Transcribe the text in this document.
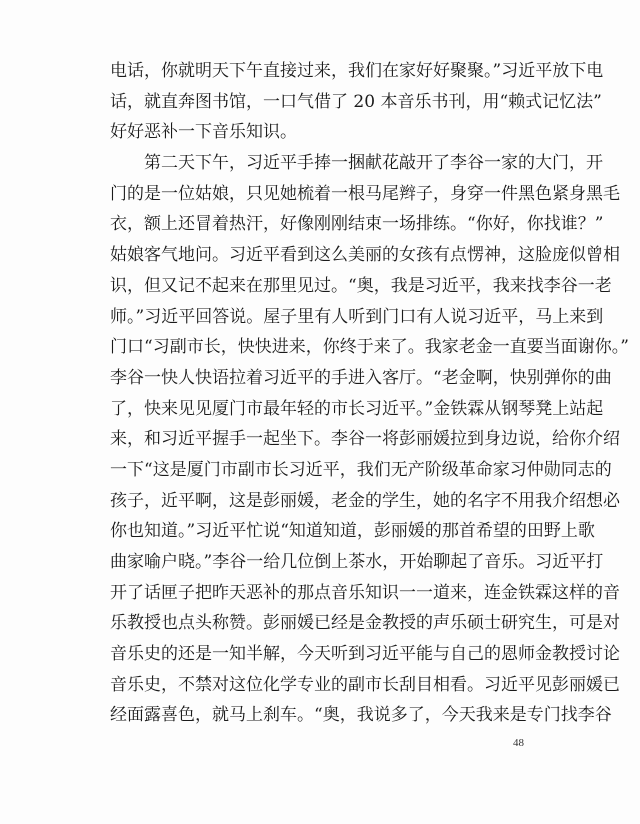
电话，你就明天下午直接过来，我们在家好好聚聚。”习近平放下电
话，就直奔图书馆，一口气借了 20 本音乐书刊，用“赖式记忆法”
好好恶补一下音乐知识。
第二天下午，习近平手捧一捆献花敲开了李谷一家的大门，开
门的是一位姑娘，只见她梳着一根马尾辫子，身穿一件黑色紧身黑毛
衣，额上还冒着热汗，好像刚刚结束一场排练。“你好，你找谁？”
姑娘客气地问。习近平看到这么美丽的女孩有点愣神，这脸庞似曾相
识，但又记不起来在那里见过。“奥，我是习近平，我来找李谷一老
师。”习近平回答说。屋子里有人听到门口有人说习近平，马上来到
门口“习副市长，快快进来，你终于来了。我家老金一直要当面谢你。”
李谷一快人快语拉着习近平的手进入客厅。“老金啊，快别弹你的曲
了，快来见见厦门市最年轻的市长习近平。”金铁霖从钢琴凳上站起
来，和习近平握手一起坐下。李谷一将彭丽媛拉到身边说，给你介绍
一下“这是厦门市副市长习近平，我们无产阶级革命家习仲勋同志的
孩子，近平啊，这是彭丽媛，老金的学生，她的名字不用我介绍想必
你也知道。”习近平忙说“知道知道，彭丽媛的那首希望的田野上歌
曲家喻户晓。”李谷一给几位倒上茶水，开始聊起了音乐。习近平打
开了话匣子把昨天恶补的那点音乐知识一一道来，连金铁霖这样的音
乐教授也点头称赞。彭丽媛已经是金教授的声乐硕士研究生，可是对
音乐史的还是一知半解，今天听到习近平能与自己的恩师金教授讨论
音乐史，不禁对这位化学专业的副市长刮目相看。习近平见彭丽媛已
经面露喜色，就马上刹车。“奥，我说多了，今天我来是专门找李谷
48
